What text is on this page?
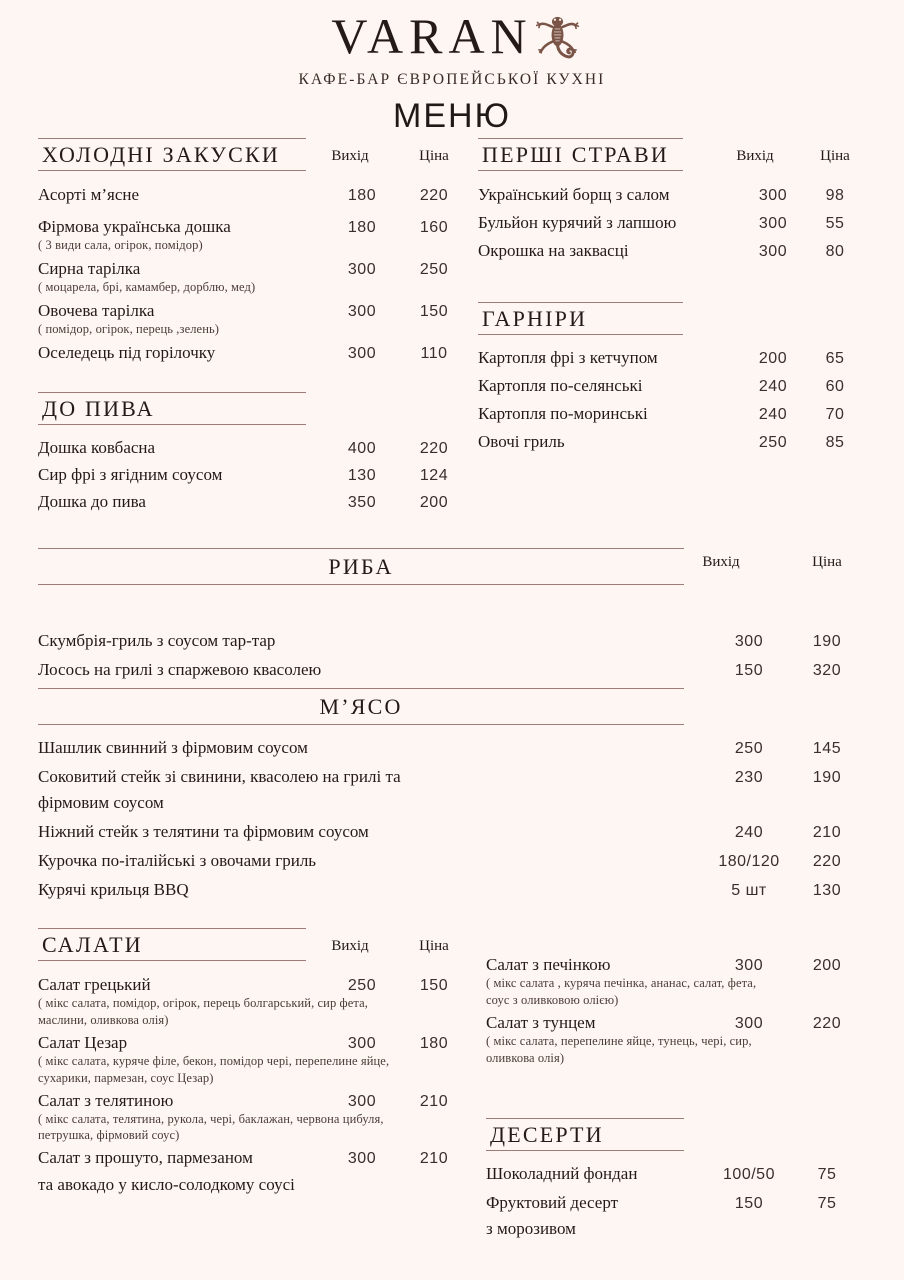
VARAN
КАФЕ-БАР ЄВРОПЕЙСЬКОЇ КУХНІ
МЕНЮ
ХОЛОДНІ ЗАКУСКИ	Вихід	Ціна
Асорті м’ясне	180	220
Фірмова українська дошка	180	160
( 3 види сала, огірок, помідор)
Сирна тарілка	300	250
( моцарела, брі, камамбер, дорблю, мед)
Овочева тарілка	300	150
( помідор, огірок, перець ,зелень)
Оселедець під горілочку	300	110
ДО ПИВА
Дошка ковбасна	400	220
Сир фрі з ягідним соусом	130	124
Дошка до пива	350	200
ПЕРШІ СТРАВИ	Вихід	Ціна
Український борщ з салом	300	98
Бульйон курячий з лапшою	300	55
Окрошка на заквасці	300	80
ГАРНІРИ
Картопля фрі з кетчупом	200	65
Картопля по-селянські	240	60
Картопля по-моринські	240	70
Овочі гриль	250	85
РИБА	Вихід	Ціна
Скумбрія-гриль з соусом тар-тар	300	190
Лосось на грилі з спаржевою квасолею	150	320
М’ЯСО
Шашлик свинний з фірмовим соусом	250	145
Соковитий стейк зі свинини, квасолею на грилі та	230	190
фірмовим соусом
Ніжний стейк з телятини та фірмовим соусом	240	210
Курочка по-італійські з овочами гриль	180/120	220
Курячі крильця BBQ	5 шт	130
САЛАТИ	Вихід	Ціна
Салат грецький	250	150
( мікс салата, помідор, огірок, перець болгарський, сир фета,
маслини, оливкова олія)
Салат Цезар	300	180
( мікс салата, куряче філе, бекон, помідор чері, перепелине яйце,
сухарики, пармезан, соус Цезар)
Салат з телятиною	300	210
( мікс салата, телятина, рукола, чері, баклажан, червона цибуля,
петрушка, фірмовий соус)
Салат з прошуто, пармезаном	300	210
та авокадо у кисло-солодкому соусі
Салат з печінкою	300	200
( мікс салата , куряча печінка, ананас, салат, фета,
соус з оливковою олією)
Салат з тунцем	300	220
( мікс салата, перепелине яйце, тунець, чері, сир,
оливкова олія)
ДЕСЕРТИ
Шоколадний фондан	100/50	75
Фруктовий десерт	150	75
з морозивом
